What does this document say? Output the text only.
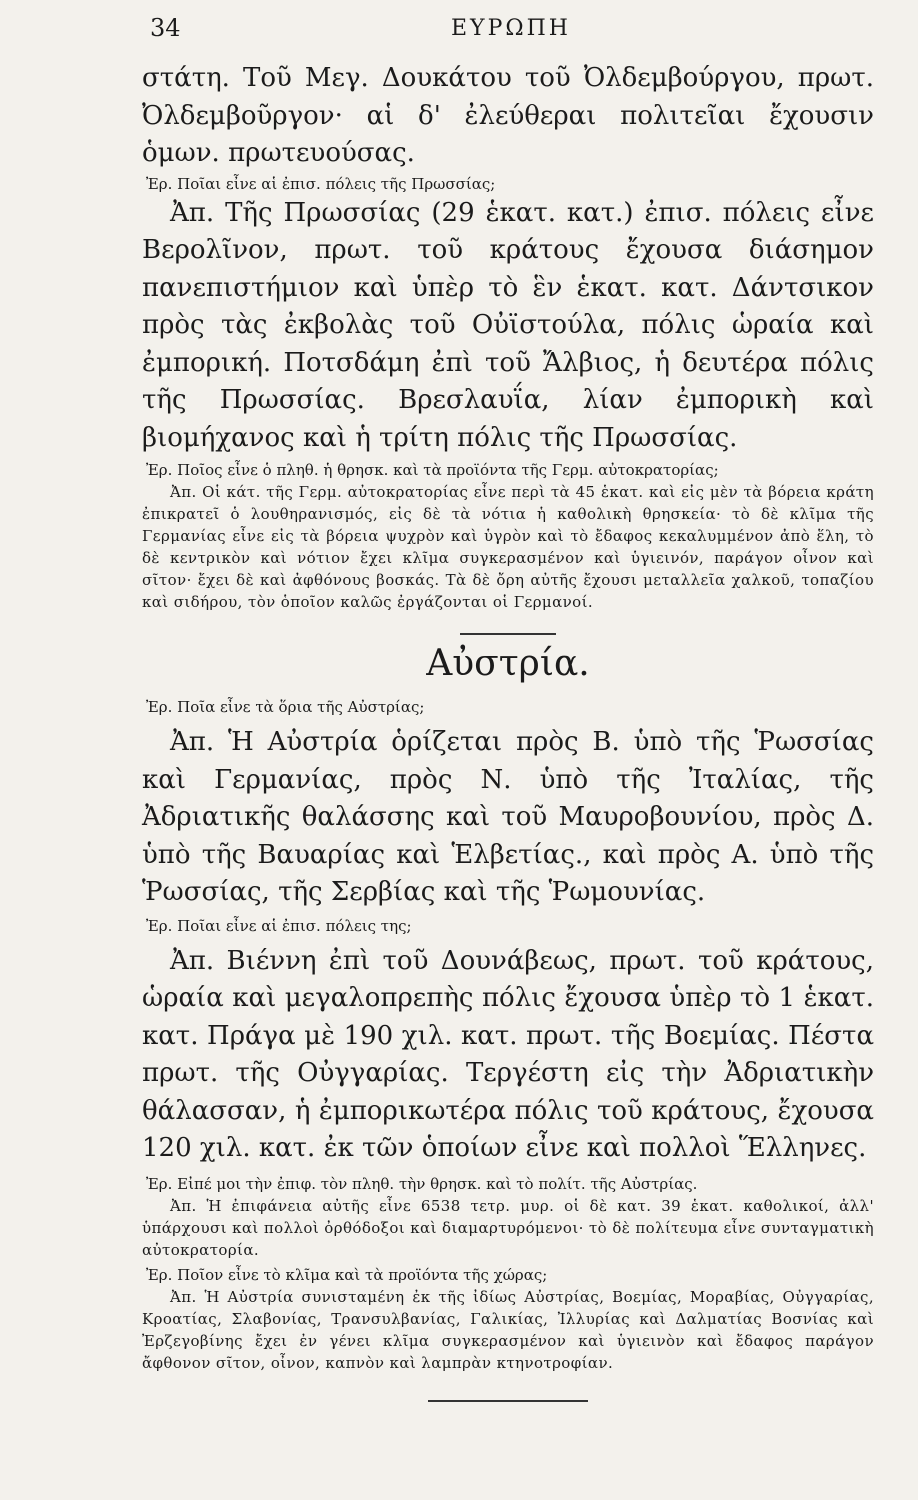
34	ΕΥΡΩΠΗ

στάτη. Τοῦ Μεγ. Δουκάτου τοῦ Ὀλδεμβούργου, πρωτ. Ὀλδεμβοῦργον· αἱ δ' ἐλεύθεραι πολιτεῖαι ἔχουσιν ὁμων. πρωτευούσας.

Ἐρ. Ποῖαι εἶνε αἱ ἐπισ. πόλεις τῆς Πρωσσίας;

Ἀπ. Τῆς Πρωσσίας (29 ἑκατ. κατ.) ἐπισ. πόλεις εἶνε Βερολῖνον, πρωτ. τοῦ κράτους ἔχουσα διάσημον πανεπιστήμιον καὶ ὑπὲρ τὸ ἓν ἑκατ. κατ. Δάντσικον πρὸς τὰς ἐκβολὰς τοῦ Οὐϊστούλα, πόλις ὡραία καὶ ἐμπορική. Ποτσδάμη ἐπὶ τοῦ Ἄλβιος, ἡ δευτέρα πόλις τῆς Πρωσσίας. Βρεσλαυΐα, λίαν ἐμπορικὴ καὶ βιομήχανος καὶ ἡ τρίτη πόλις τῆς Πρωσσίας.

Ἐρ. Ποῖος εἶνε ὁ πληθ. ἡ θρησκ. καὶ τὰ προϊόντα τῆς Γερμ. αὐτοκρατορίας;

Ἀπ. Οἱ κάτ. τῆς Γερμ. αὐτοκρατορίας εἶνε περὶ τὰ 45 ἑκατ. καὶ εἰς μὲν τὰ βόρεια κράτη ἐπικρατεῖ ὁ λουθηρανισμός, εἰς δὲ τὰ νότια ἡ καθολικὴ θρησκεία· τὸ δὲ κλῖμα τῆς Γερμανίας εἶνε εἰς τὰ βόρεια ψυχρὸν καὶ ὑγρὸν καὶ τὸ ἔδαφος κεκαλυμμένον ἀπὸ ἕλη, τὸ δὲ κεντρικὸν καὶ νότιον ἔχει κλῖμα συγκερασμένον καὶ ὑγιεινόν, παράγον οἶνον καὶ σῖτον· ἔχει δὲ καὶ ἀφθόνους βοσκάς. Τὰ δὲ ὄρη αὐτῆς ἔχουσι μεταλλεῖα χαλκοῦ, τοπαζίου καὶ σιδήρου, τὸν ὁποῖον καλῶς ἐργάζονται οἱ Γερμανοί.

Αὐστρία.

Ἐρ. Ποῖα εἶνε τὰ ὅρια τῆς Αὐστρίας;

Ἀπ. Ἡ Αὐστρία ὁρίζεται πρὸς Β. ὑπὸ τῆς Ῥωσσίας καὶ Γερμανίας, πρὸς Ν. ὑπὸ τῆς Ἰταλίας, τῆς Ἀδριατικῆς θαλάσσης καὶ τοῦ Μαυροβουνίου, πρὸς Δ. ὑπὸ τῆς Βαυαρίας καὶ Ἑλβετίας., καὶ πρὸς Α. ὑπὸ τῆς Ῥωσσίας, τῆς Σερβίας καὶ τῆς Ῥωμουνίας.

Ἐρ. Ποῖαι εἶνε αἱ ἐπισ. πόλεις της;

Ἀπ. Βιέννη ἐπὶ τοῦ Δουνάβεως, πρωτ. τοῦ κράτους, ὡραία καὶ μεγαλοπρεπὴς πόλις ἔχουσα ὑπὲρ τὸ 1 ἑκατ. κατ. Πράγα μὲ 190 χιλ. κατ. πρωτ. τῆς Βοεμίας. Πέστα πρωτ. τῆς Οὐγγαρίας. Τεργέστη εἰς τὴν Ἀδριατικὴν θάλασσαν, ἡ ἐμπορικωτέρα πόλις τοῦ κράτους, ἔχουσα 120 χιλ. κατ. ἐκ τῶν ὁποίων εἶνε καὶ πολλοὶ Ἕλληνες.

Ἐρ. Εἰπέ μοι τὴν ἐπιφ. τὸν πληθ. τὴν θρησκ. καὶ τὸ πολίτ. τῆς Αὐστρίας.

Ἀπ. Ἡ ἐπιφάνεια αὐτῆς εἶνε 6538 τετρ. μυρ. οἱ δὲ κατ. 39 ἑκατ. καθολικοί, ἀλλ' ὑπάρχουσι καὶ πολλοὶ ὀρθόδοξοι καὶ διαμαρτυρόμενοι· τὸ δὲ πολίτευμα εἶνε συνταγματικὴ αὐτοκρατορία.

Ἐρ. Ποῖον εἶνε τὸ κλῖμα καὶ τὰ προϊόντα τῆς χώρας;

Ἀπ. Ἡ Αὐστρία συνισταμένη ἐκ τῆς ἰδίως Αὐστρίας, Βοεμίας, Μοραβίας, Οὐγγαρίας, Κροατίας, Σλαβονίας, Τρανσυλβανίας, Γαλικίας, Ἰλλυρίας καὶ Δαλματίας Βοσνίας καὶ Ἐρζεγοβίνης ἔχει ἐν γένει κλῖμα συγκερασμένον καὶ ὑγιεινὸν καὶ ἔδαφος παράγον ἄφθονον σῖτον, οἶνον, καπνὸν καὶ λαμπρὰν κτηνοτροφίαν.
